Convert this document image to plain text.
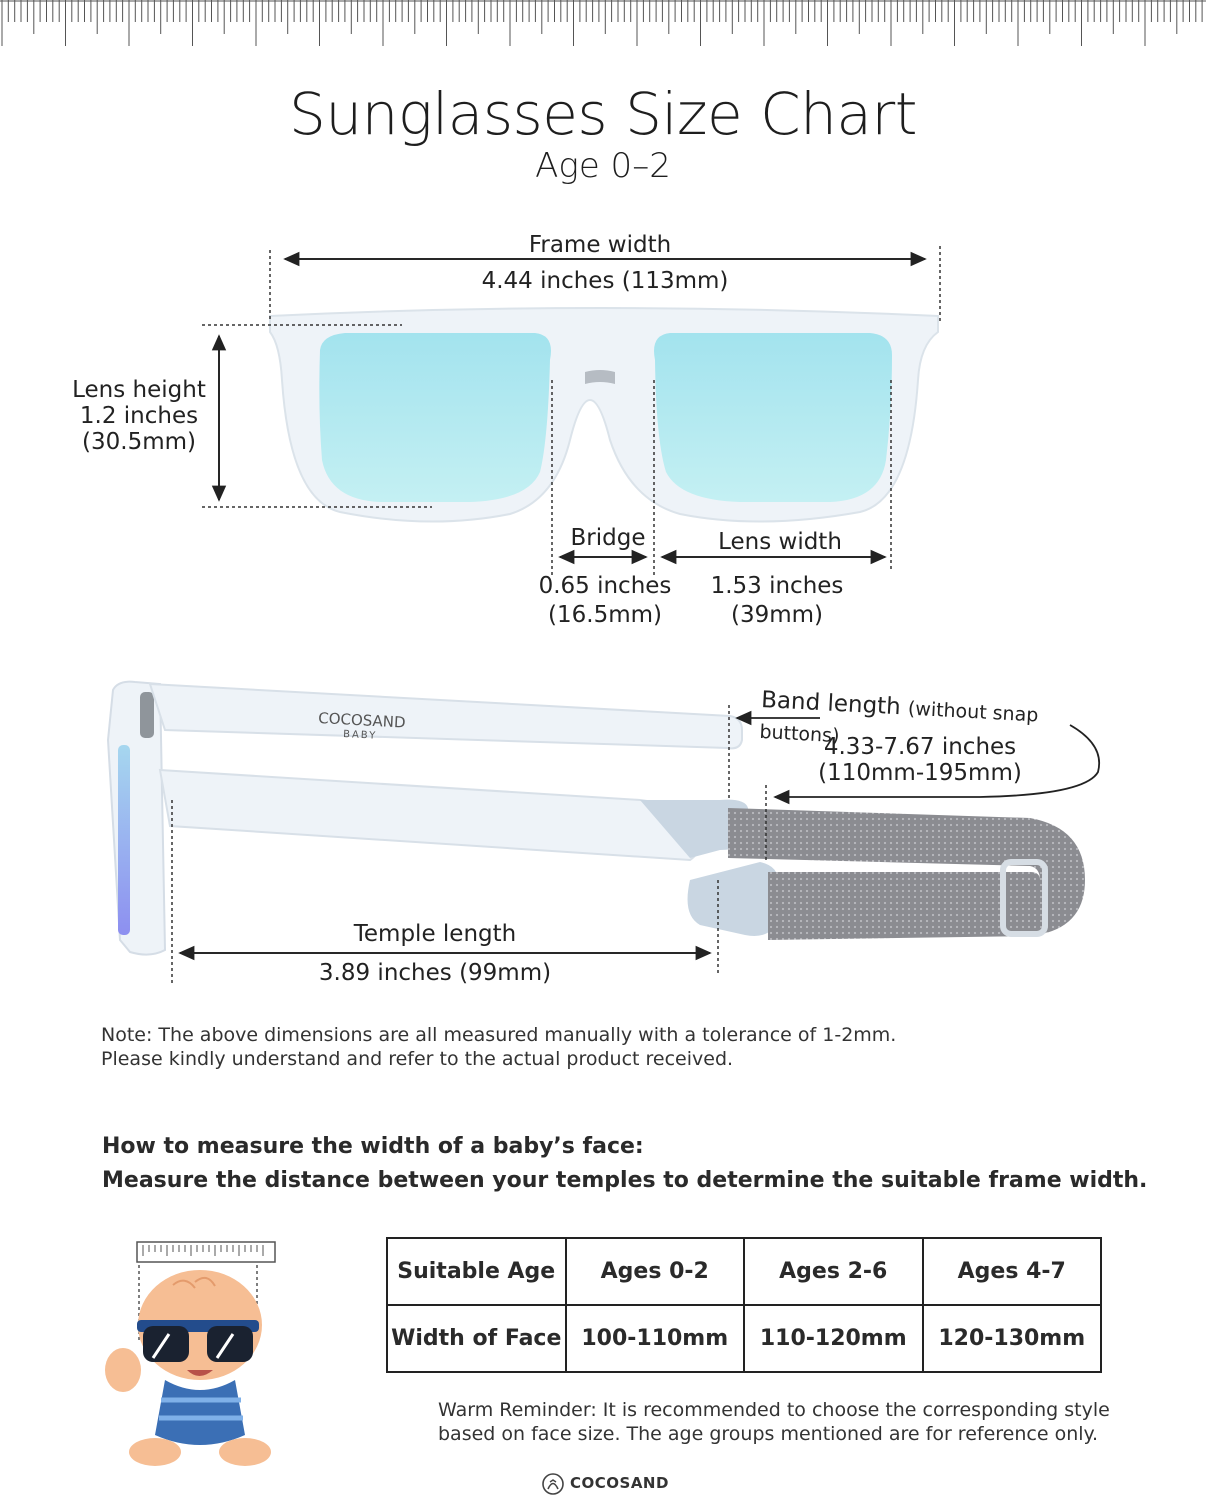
Sunglasses Size Chart
Age 0–2
Frame width
4.44 inches (113mm)
Lens height
1.2 inches
(30.5mm)
Bridge
0.65 inches
(16.5mm)
Lens width
1.53 inches
(39mm)
COCOSAND
BABY
Band length (without snap buttons)
4.33-7.67 inches
(110mm-195mm)
Temple length
3.89 inches (99mm)
Note: The above dimensions are all measured manually with a tolerance of 1-2mm.
Please kindly understand and refer to the actual product received.
How to measure the width of a baby’s face:
Measure the distance between your temples to determine the suitable frame width.
Suitable Age	Ages 0-2	Ages 2-6	Ages 4-7
Width of Face	100-110mm	110-120mm	120-130mm
Warm Reminder: It is recommended to choose the corresponding style
based on face size. The age groups mentioned are for reference only.
COCOSAND
